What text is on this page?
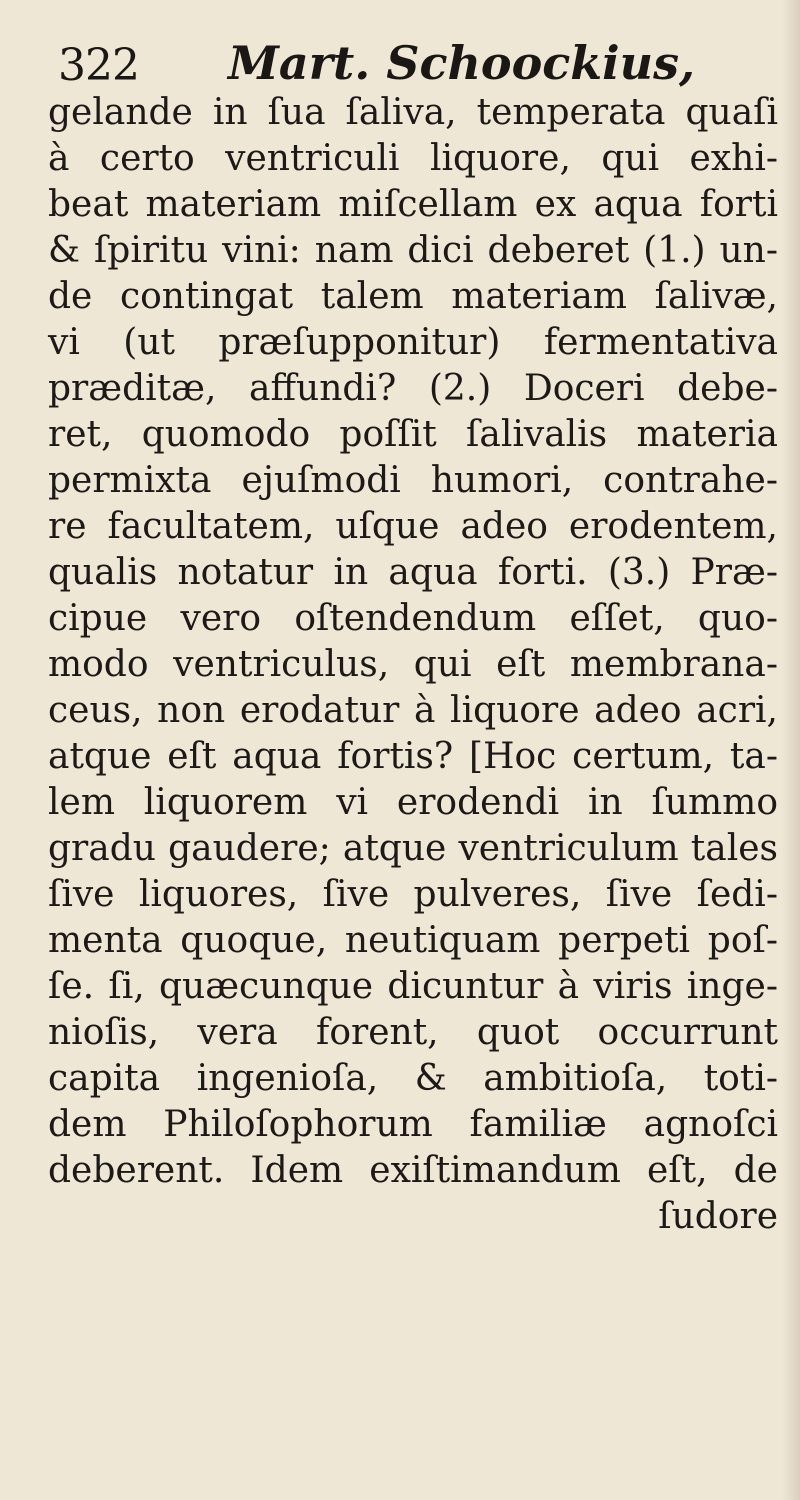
322 Mart. Schoockius,
gelande in ſua ſaliva, temperata quaſi
à certo ventriculi liquore, qui exhi-
beat materiam miſcellam ex aqua forti
& ſpiritu vini: nam dici deberet (1.) un-
de contingat talem materiam ſalivæ,
vi (ut præſupponitur) fermentativa
præditæ, affundi? (2.) Doceri debe-
ret, quomodo poſſit ſalivalis materia
permixta ejuſmodi humori, contrahe-
re facultatem, uſque adeo erodentem,
qualis notatur in aqua forti. (3.) Præ-
cipue vero oſtendendum eſſet, quo-
modo ventriculus, qui eſt membrana-
ceus, non erodatur à liquore adeo acri,
atque eſt aqua fortis? [Hoc certum, ta-
lem liquorem vi erodendi in ſummo
gradu gaudere; atque ventriculum tales
ſive liquores, ſive pulveres, ſive ſedi-
menta quoque, neutiquam perpeti poſ-
ſe. ſi, quæcunque dicuntur à viris inge-
nioſis, vera forent, quot occurrunt
capita ingenioſa, & ambitioſa, toti-
dem Philoſophorum familiæ agnoſci
deberent. Idem exiſtimandum eſt, de
ſudore
